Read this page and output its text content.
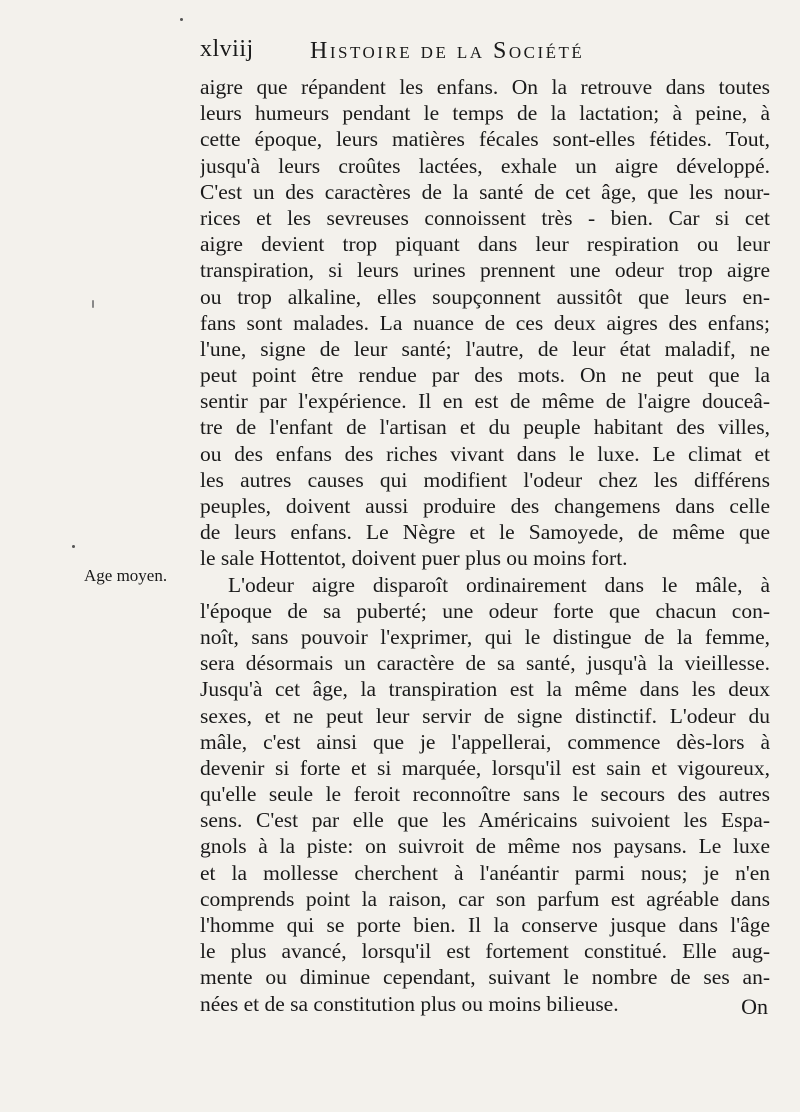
xlviij Histoire de la Société
Age moyen.
aigre que répandent les enfans. On la retrouve dans toutes
leurs humeurs pendant le temps de la lactation; à peine, à
cette époque, leurs matières fécales sont-elles fétides. Tout,
jusqu'à leurs croûtes lactées, exhale un aigre développé.
C'est un des caractères de la santé de cet âge, que les nour-
rices et les sevreuses connoissent très - bien. Car si cet
aigre devient trop piquant dans leur respiration ou leur
transpiration, si leurs urines prennent une odeur trop aigre
ou trop alkaline, elles soupçonnent aussitôt que leurs en-
fans sont malades. La nuance de ces deux aigres des enfans;
l'une, signe de leur santé; l'autre, de leur état maladif, ne
peut point être rendue par des mots. On ne peut que la
sentir par l'expérience. Il en est de même de l'aigre douceâ-
tre de l'enfant de l'artisan et du peuple habitant des villes,
ou des enfans des riches vivant dans le luxe. Le climat et
les autres causes qui modifient l'odeur chez les différens
peuples, doivent aussi produire des changemens dans celle
de leurs enfans. Le Nègre et le Samoyede, de même que
le sale Hottentot, doivent puer plus ou moins fort.
L'odeur aigre disparoît ordinairement dans le mâle, à
l'époque de sa puberté; une odeur forte que chacun con-
noît, sans pouvoir l'exprimer, qui le distingue de la femme,
sera désormais un caractère de sa santé, jusqu'à la vieillesse.
Jusqu'à cet âge, la transpiration est la même dans les deux
sexes, et ne peut leur servir de signe distinctif. L'odeur du
mâle, c'est ainsi que je l'appellerai, commence dès-lors à
devenir si forte et si marquée, lorsqu'il est sain et vigoureux,
qu'elle seule le feroit reconnoître sans le secours des autres
sens. C'est par elle que les Américains suivoient les Espa-
gnols à la piste: on suivroit de même nos paysans. Le luxe
et la mollesse cherchent à l'anéantir parmi nous; je n'en
comprends point la raison, car son parfum est agréable dans
l'homme qui se porte bien. Il la conserve jusque dans l'âge
le plus avancé, lorsqu'il est fortement constitué. Elle aug-
mente ou diminue cependant, suivant le nombre de ses an-
nées et de sa constitution plus ou moins bilieuse.	On
